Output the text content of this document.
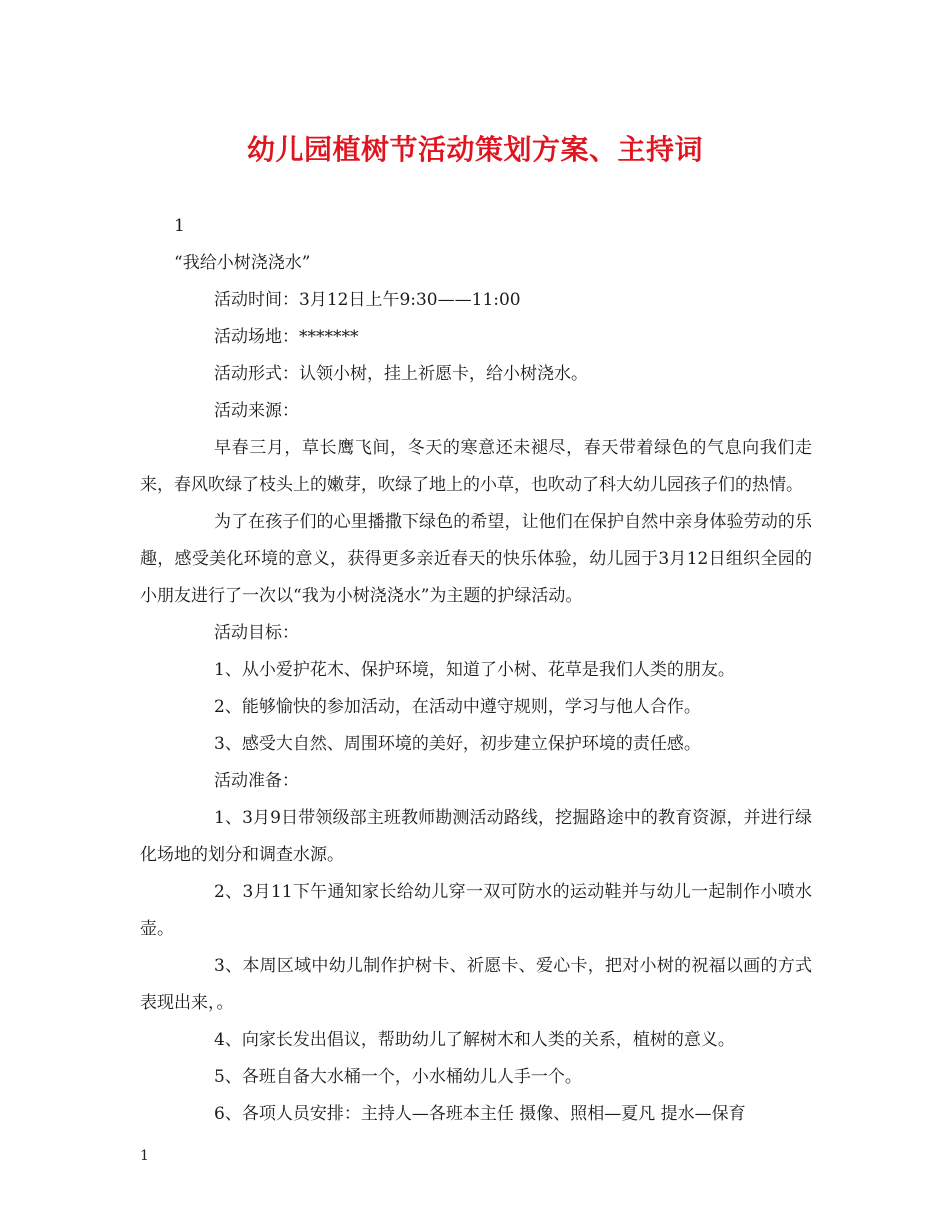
幼儿园植树节活动策划方案、主持词

1

“我给小树浇浇水”

活动时间：3月12日上午9:30——11:00

活动场地：*******

活动形式：认领小树，挂上祈愿卡，给小树浇水。

活动来源：

早春三月，草长鹰飞间，冬天的寒意还未褪尽，春天带着绿色的气息向我们走来，春风吹绿了枝头上的嫩芽，吹绿了地上的小草，也吹动了科大幼儿园孩子们的热情。

为了在孩子们的心里播撒下绿色的希望，让他们在保护自然中亲身体验劳动的乐趣，感受美化环境的意义，获得更多亲近春天的快乐体验，幼儿园于3月12日组织全园的小朋友进行了一次以“我为小树浇浇水”为主题的护绿活动。

活动目标：

1、从小爱护花木、保护环境，知道了小树、花草是我们人类的朋友。

2、能够愉快的参加活动，在活动中遵守规则，学习与他人合作。

3、感受大自然、周围环境的美好，初步建立保护环境的责任感。

活动准备：

1、3月9日带领级部主班教师勘测活动路线，挖掘路途中的教育资源，并进行绿化场地的划分和调查水源。

2、3月11下午通知家长给幼儿穿一双可防水的运动鞋并与幼儿一起制作小喷水壶。

3、本周区域中幼儿制作护树卡、祈愿卡、爱心卡，把对小树的祝福以画的方式表现出来，。

4、向家长发出倡议，帮助幼儿了解树木和人类的关系，植树的意义。

5、各班自备大水桶一个，小水桶幼儿人手一个。

6、各项人员安排：主持人—各班本主任 摄像、照相—夏凡 提水—保育

1
